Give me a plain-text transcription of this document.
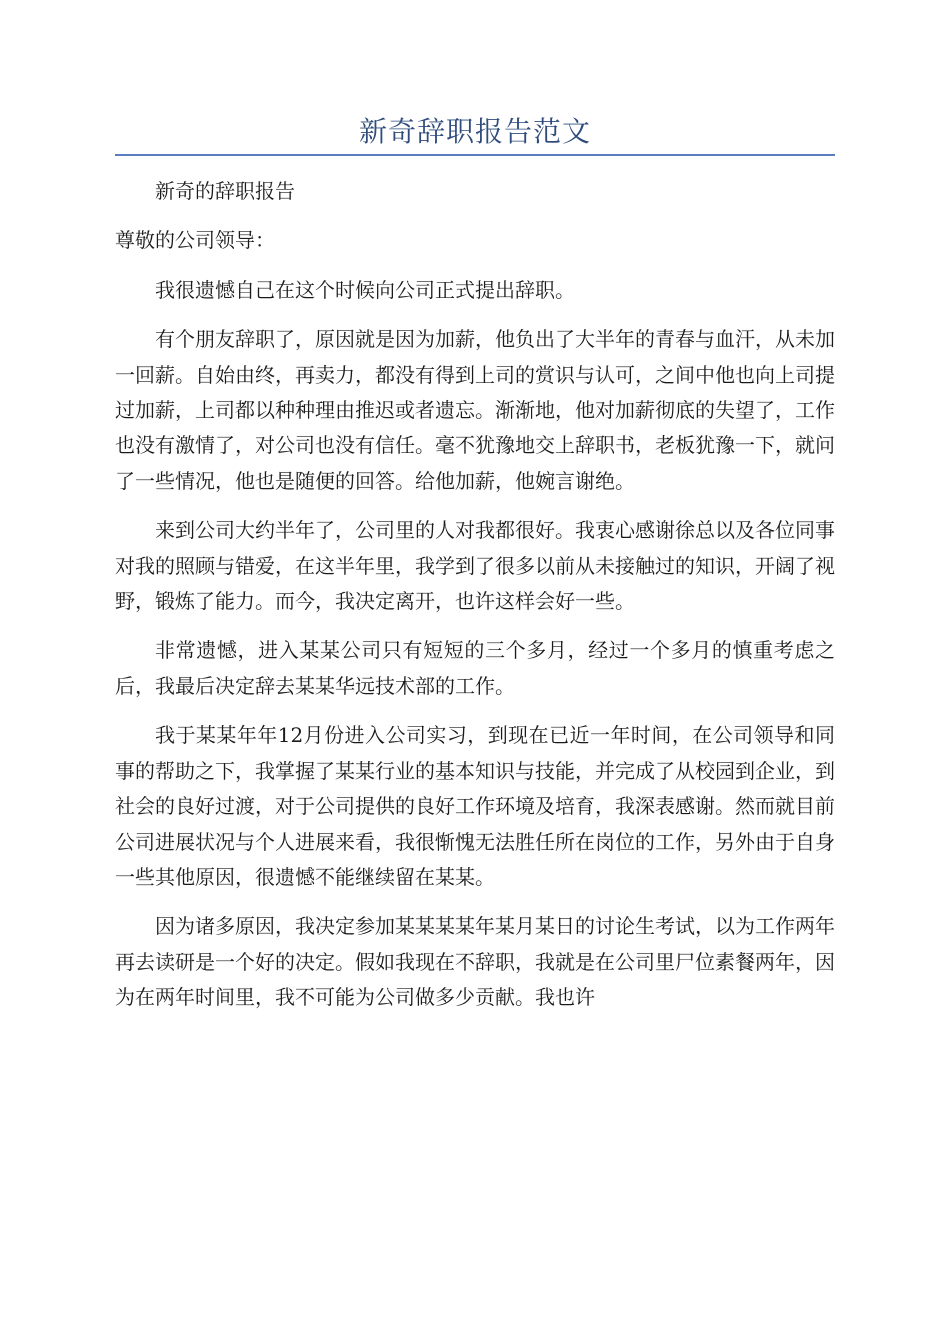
新奇辞职报告范文

新奇的辞职报告

尊敬的公司领导：

我很遗憾自己在这个时候向公司正式提出辞职。

有个朋友辞职了，原因就是因为加薪，他负出了大半年的青春与血汗，从未加一回薪。自始由终，再卖力，都没有得到上司的赏识与认可，之间中他也向上司提过加薪，上司都以种种理由推迟或者遗忘。渐渐地，他对加薪彻底的失望了，工作也没有激情了，对公司也没有信任。毫不犹豫地交上辞职书，老板犹豫一下，就问了一些情况，他也是随便的回答。给他加薪，他婉言谢绝。

来到公司大约半年了，公司里的人对我都很好。我衷心感谢徐总以及各位同事对我的照顾与错爱，在这半年里，我学到了很多以前从未接触过的知识，开阔了视野，锻炼了能力。而今，我决定离开，也许这样会好一些。

非常遗憾，进入某某公司只有短短的三个多月，经过一个多月的慎重考虑之后，我最后决定辞去某某华远技术部的工作。

我于某某年年12月份进入公司实习，到现在已近一年时间，在公司领导和同事的帮助之下，我掌握了某某行业的基本知识与技能，并完成了从校园到企业，到社会的良好过渡，对于公司提供的良好工作环境及培育，我深表感谢。然而就目前公司进展状况与个人进展来看，我很惭愧无法胜任所在岗位的工作，另外由于自身一些其他原因，很遗憾不能继续留在某某。

因为诸多原因，我决定参加某某某某年某月某日的讨论生考试，以为工作两年再去读研是一个好的决定。假如我现在不辞职，我就是在公司里尸位素餐两年，因为在两年时间里，我不可能为公司做多少贡献。我也许
